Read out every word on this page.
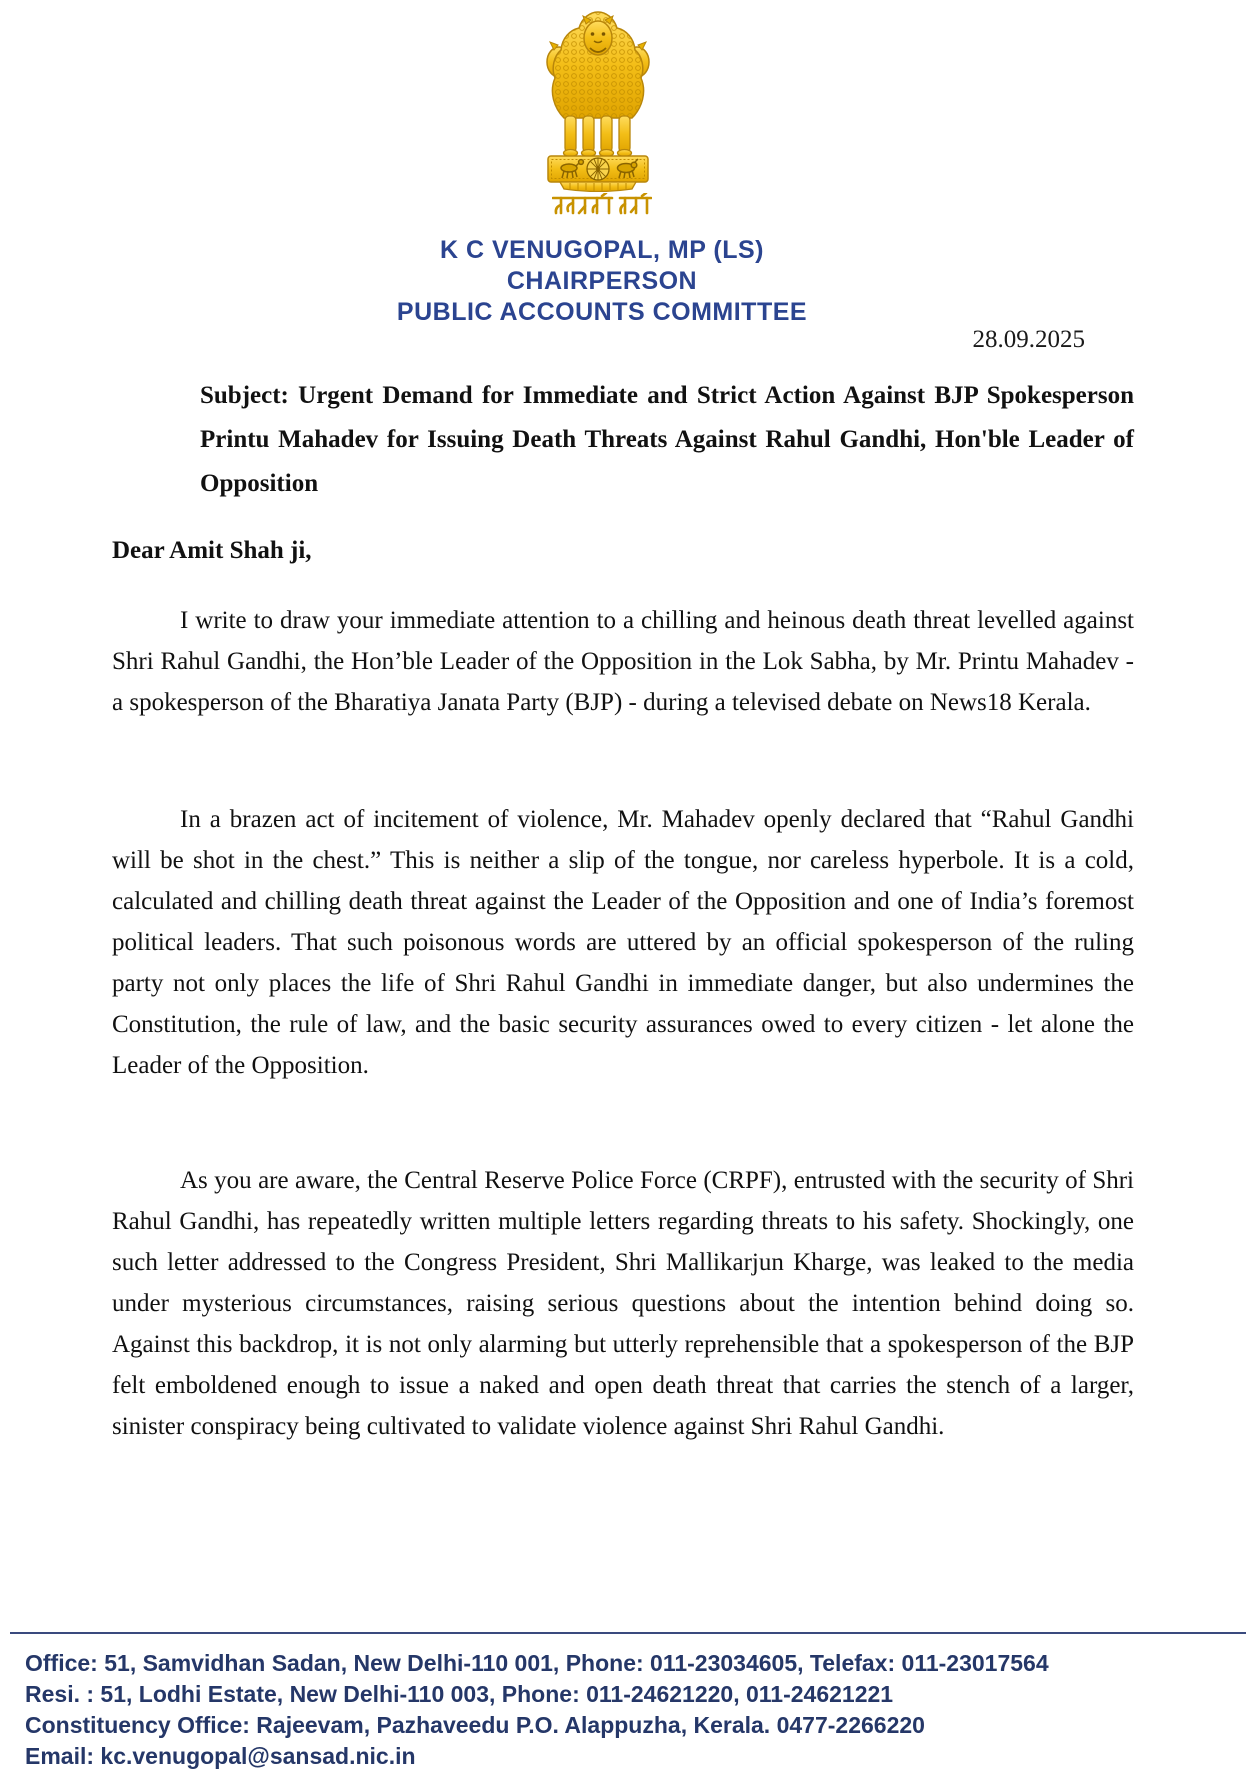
K C VENUGOPAL, MP (LS)
CHAIRPERSON
PUBLIC ACCOUNTS COMMITTEE
28.09.2025
Subject: Urgent Demand for Immediate and Strict Action Against BJP Spokesperson Printu Mahadev for Issuing Death Threats Against Rahul Gandhi, Hon'ble Leader of Opposition
Dear Amit Shah ji,

I write to draw your immediate attention to a chilling and heinous death threat levelled against Shri Rahul Gandhi, the Hon’ble Leader of the Opposition in the Lok Sabha, by Mr. Printu Mahadev - a spokesperson of the Bharatiya Janata Party (BJP) - during a televised debate on News18 Kerala.

In a brazen act of incitement of violence, Mr. Mahadev openly declared that “Rahul Gandhi will be shot in the chest.” This is neither a slip of the tongue, nor careless hyperbole. It is a cold, calculated and chilling death threat against the Leader of the Opposition and one of India’s foremost political leaders. That such poisonous words are uttered by an official spokesperson of the ruling party not only places the life of Shri Rahul Gandhi in immediate danger, but also undermines the Constitution, the rule of law, and the basic security assurances owed to every citizen - let alone the Leader of the Opposition.

As you are aware, the Central Reserve Police Force (CRPF), entrusted with the security of Shri Rahul Gandhi, has repeatedly written multiple letters regarding threats to his safety. Shockingly, one such letter addressed to the Congress President, Shri Mallikarjun Kharge, was leaked to the media under mysterious circumstances, raising serious questions about the intention behind doing so. Against this backdrop, it is not only alarming but utterly reprehensible that a spokesperson of the BJP felt emboldened enough to issue a naked and open death threat that carries the stench of a larger, sinister conspiracy being cultivated to validate violence against Shri Rahul Gandhi.

Office: 51, Samvidhan Sadan, New Delhi-110 001, Phone: 011-23034605, Telefax: 011-23017564
Resi. : 51, Lodhi Estate, New Delhi-110 003, Phone: 011-24621220, 011-24621221
Constituency Office: Rajeevam, Pazhaveedu P.O. Alappuzha, Kerala. 0477-2266220
Email: kc.venugopal@sansad.nic.in
